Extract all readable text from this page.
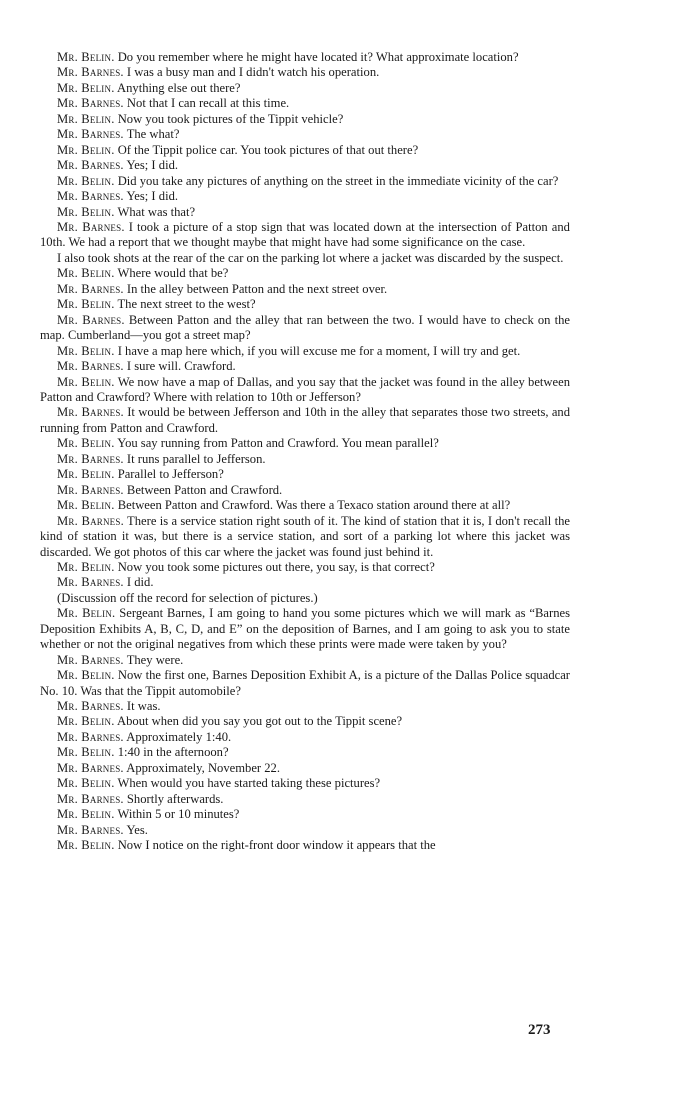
Mr. Belin. Do you remember where he might have located it? What approximate location?

Mr. Barnes. I was a busy man and I didn't watch his operation.

Mr. Belin. Anything else out there?

Mr. Barnes. Not that I can recall at this time.

Mr. Belin. Now you took pictures of the Tippit vehicle?

Mr. Barnes. The what?

Mr. Belin. Of the Tippit police car. You took pictures of that out there?

Mr. Barnes. Yes; I did.

Mr. Belin. Did you take any pictures of anything on the street in the immediate vicinity of the car?

Mr. Barnes. Yes; I did.

Mr. Belin. What was that?

Mr. Barnes. I took a picture of a stop sign that was located down at the intersection of Patton and 10th. We had a report that we thought maybe that might have had some significance on the case.

I also took shots at the rear of the car on the parking lot where a jacket was discarded by the suspect.

Mr. Belin. Where would that be?

Mr. Barnes. In the alley between Patton and the next street over.

Mr. Belin. The next street to the west?

Mr. Barnes. Between Patton and the alley that ran between the two. I would have to check on the map. Cumberland—you got a street map?

Mr. Belin. I have a map here which, if you will excuse me for a moment, I will try and get.

Mr. Barnes. I sure will. Crawford.

Mr. Belin. We now have a map of Dallas, and you say that the jacket was found in the alley between Patton and Crawford? Where with relation to 10th or Jefferson?

Mr. Barnes. It would be between Jefferson and 10th in the alley that separates those two streets, and running from Patton and Crawford.

Mr. Belin. You say running from Patton and Crawford. You mean parallel?

Mr. Barnes. It runs parallel to Jefferson.

Mr. Belin. Parallel to Jefferson?

Mr. Barnes. Between Patton and Crawford.

Mr. Belin. Between Patton and Crawford. Was there a Texaco station around there at all?

Mr. Barnes. There is a service station right south of it. The kind of station that it is, I don't recall the kind of station it was, but there is a service station, and sort of a parking lot where this jacket was discarded. We got photos of this car where the jacket was found just behind it.

Mr. Belin. Now you took some pictures out there, you say, is that correct?

Mr. Barnes. I did.

(Discussion off the record for selection of pictures.)

Mr. Belin. Sergeant Barnes, I am going to hand you some pictures which we will mark as “Barnes Deposition Exhibits A, B, C, D, and E” on the deposition of Barnes, and I am going to ask you to state whether or not the original negatives from which these prints were made were taken by you?

Mr. Barnes. They were.

Mr. Belin. Now the first one, Barnes Deposition Exhibit A, is a picture of the Dallas Police squadcar No. 10. Was that the Tippit automobile?

Mr. Barnes. It was.

Mr. Belin. About when did you say you got out to the Tippit scene?

Mr. Barnes. Approximately 1:40.

Mr. Belin. 1:40 in the afternoon?

Mr. Barnes. Approximately, November 22.

Mr. Belin. When would you have started taking these pictures?

Mr. Barnes. Shortly afterwards.

Mr. Belin. Within 5 or 10 minutes?

Mr. Barnes. Yes.

Mr. Belin. Now I notice on the right-front door window it appears that the

273
